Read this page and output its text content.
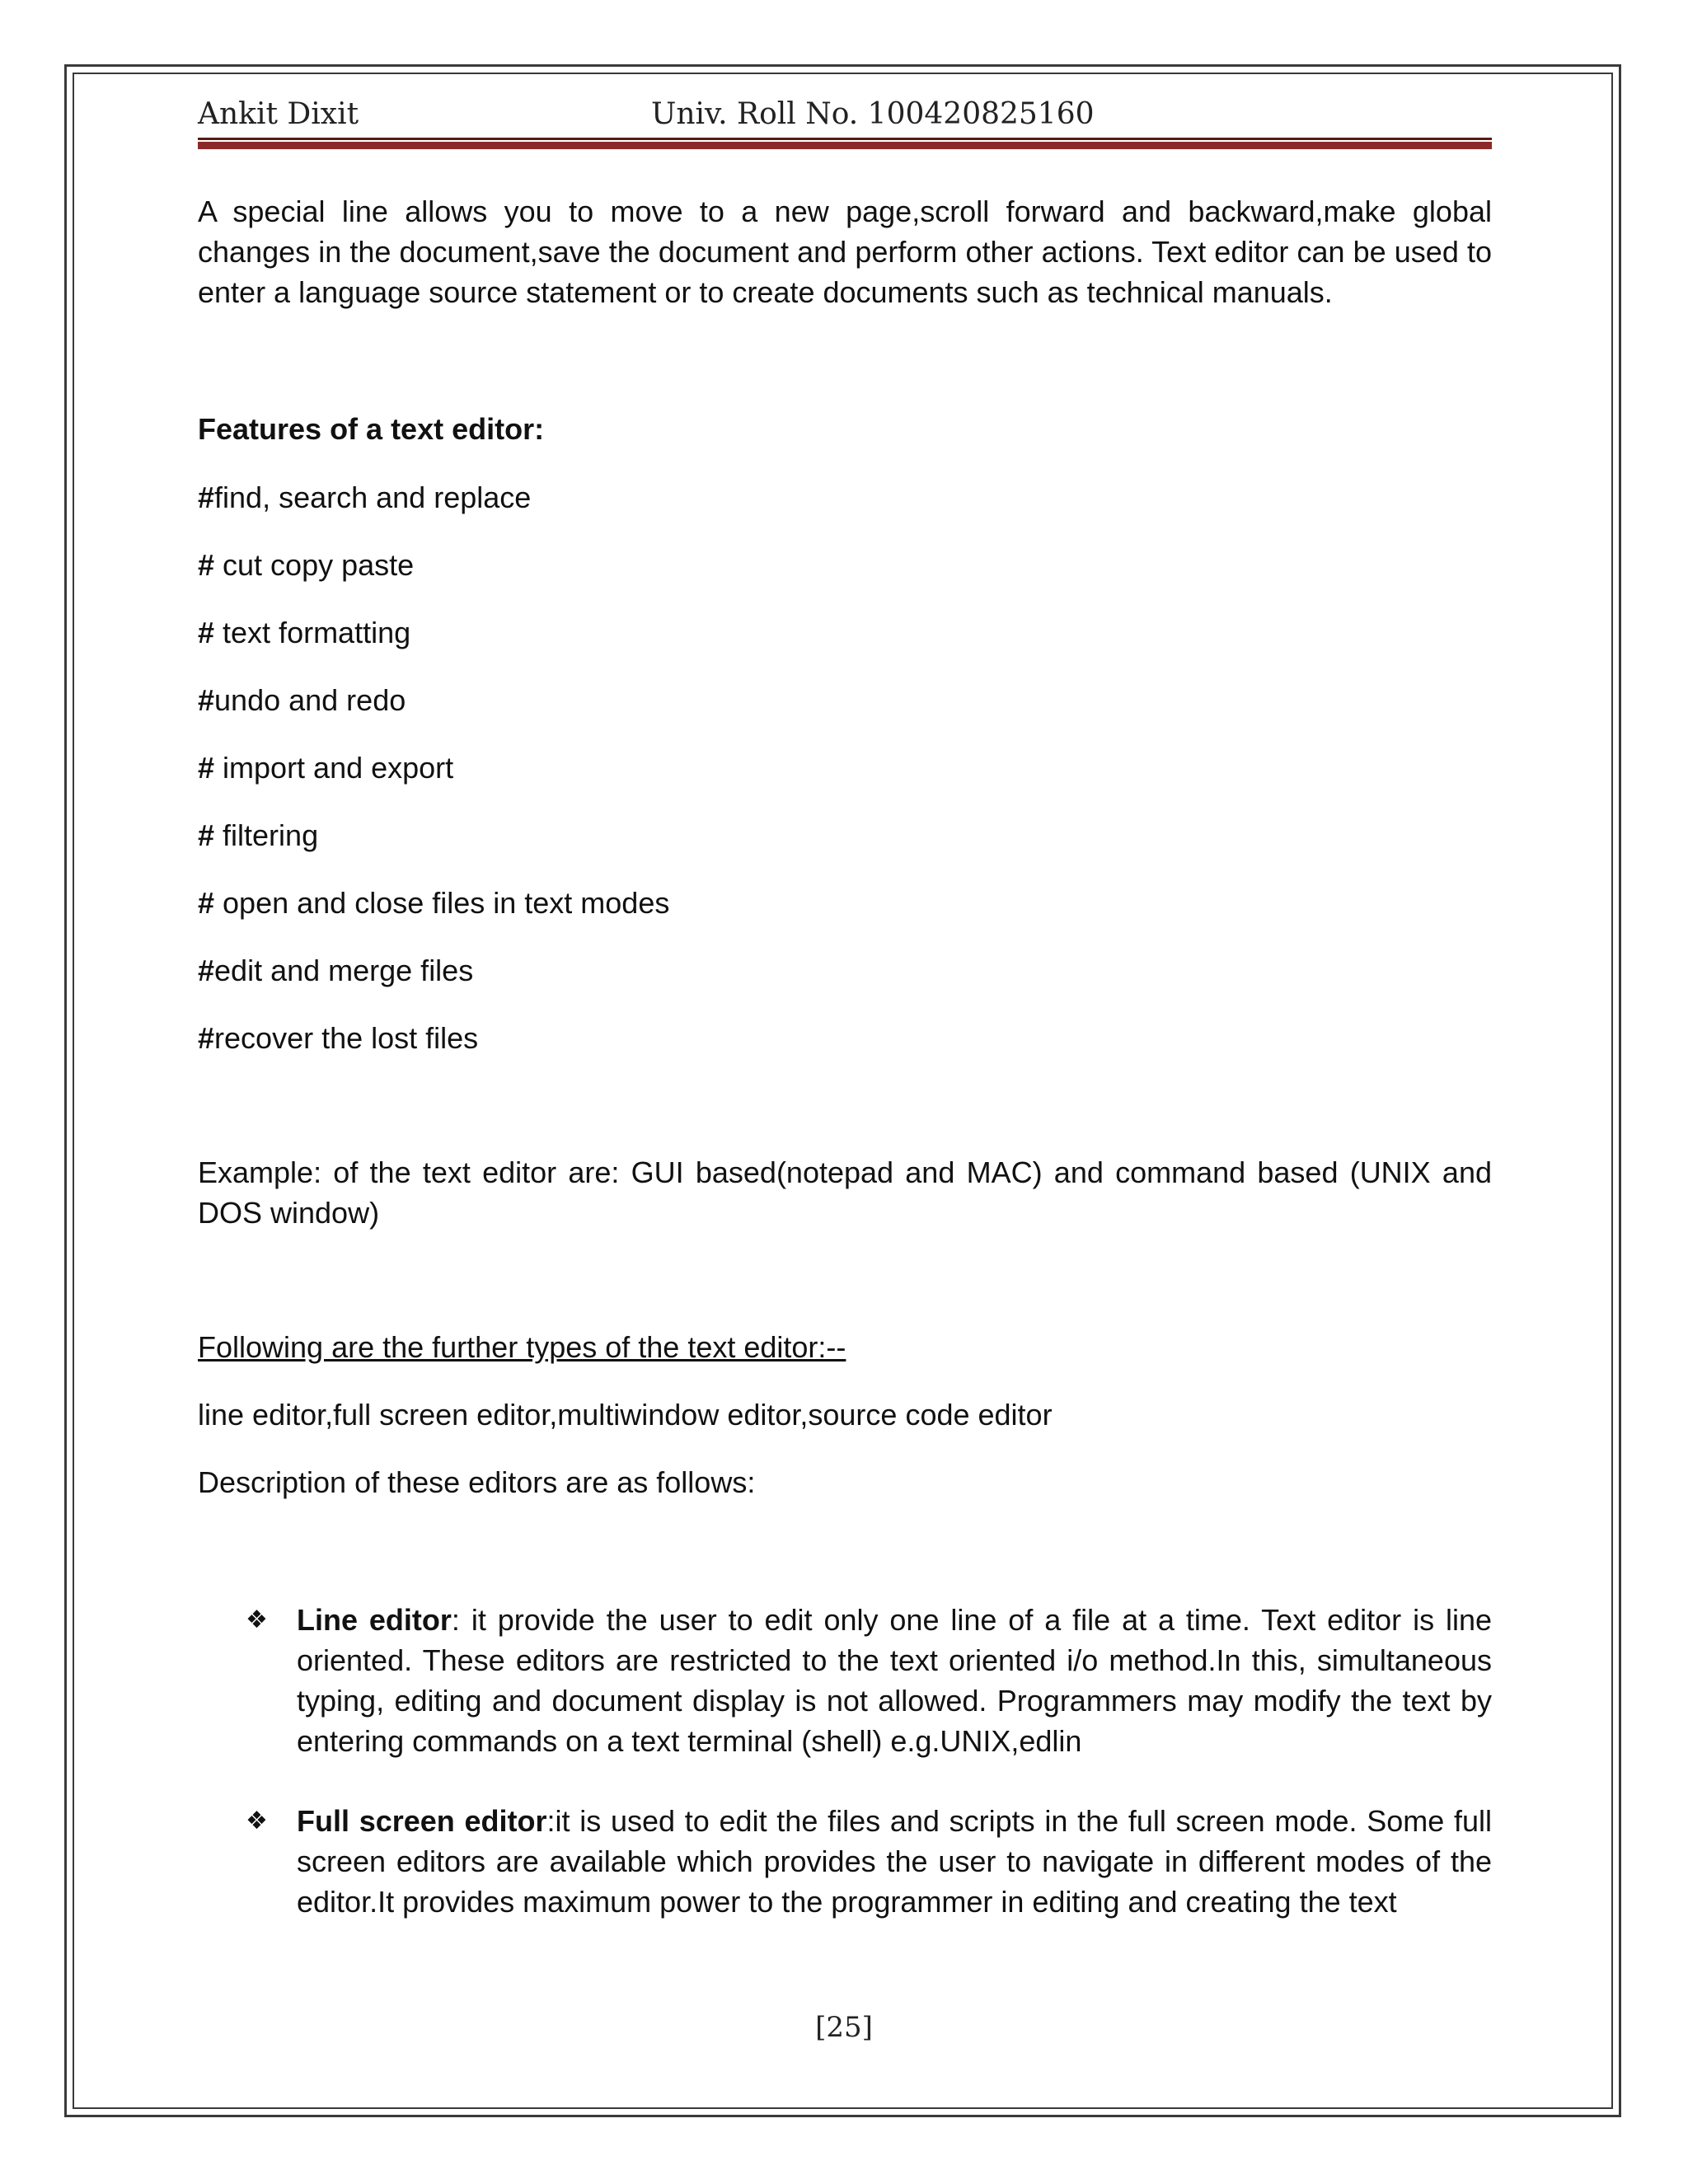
Ankit Dixit	Univ. Roll No. 100420825160

A special line allows you to move to a new page,scroll forward and backward,make global changes in the document,save the document and perform other actions. Text editor can be used to enter a language source statement or to create documents such as technical manuals.

Features of a text editor:

#find, search and replace
# cut copy paste
# text formatting
#undo and redo
# import and export
# filtering
# open and close files in text modes
#edit and merge files
#recover the lost files

Example: of the text editor are: GUI based(notepad and MAC) and command based (UNIX and DOS window)

Following are the further types of the text editor:--

line editor,full screen editor,multiwindow editor,source code editor

Description of these editors are as follows:

❖ Line editor: it provide the user to edit only one line of a file at a time. Text editor is line oriented. These editors are restricted to the text oriented i/o method.In this, simultaneous typing, editing and document display is not allowed. Programmers may modify the text by entering commands on a text terminal (shell) e.g.UNIX,edlin
❖ Full screen editor:it is used to edit the files and scripts in the full screen mode. Some full screen editors are available which provides the user to navigate in different modes of the editor.It provides maximum power to the programmer in editing and creating the text
[25]
